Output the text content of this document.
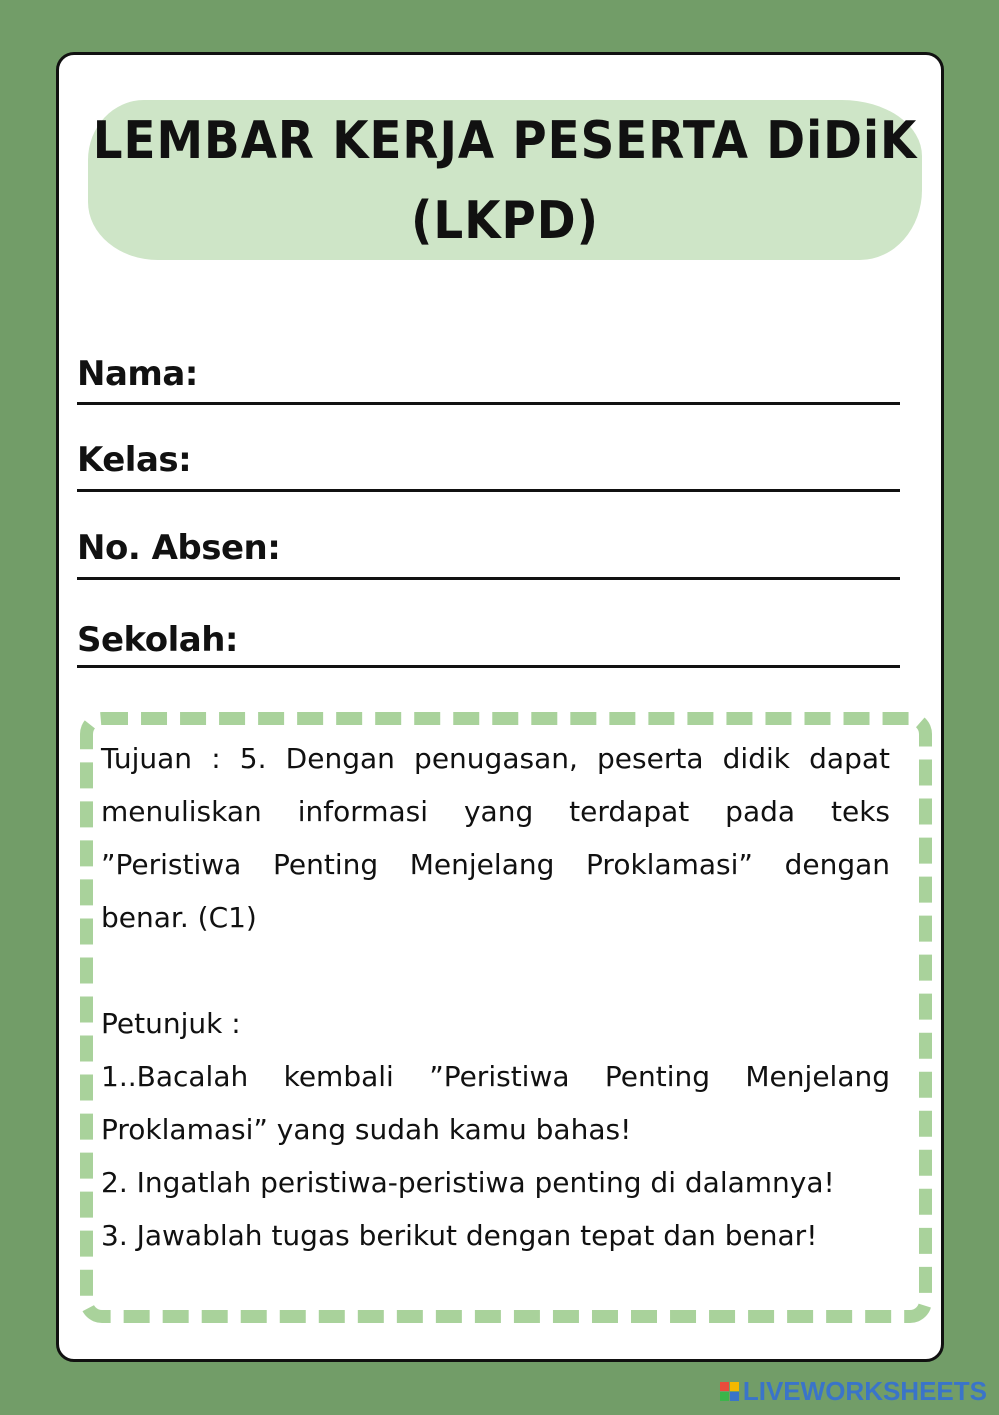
LEMBAR KERJA PESERTA DiDiK
(LKPD)
Nama:
Kelas:
No. Absen:
Sekolah:

Tujuan : 5. Dengan penugasan, peserta didik dapat menuliskan informasi yang terdapat pada teks ”Peristiwa Penting Menjelang Proklamasi” dengan benar. (C1)

Petunjuk :

1..Bacalah kembali ”Peristiwa Penting Menjelang Proklamasi” yang sudah kamu bahas!

2. Ingatlah peristiwa-peristiwa penting di dalamnya!

3. Jawablah tugas berikut dengan tepat dan benar!

LIVEWORKSHEETS
